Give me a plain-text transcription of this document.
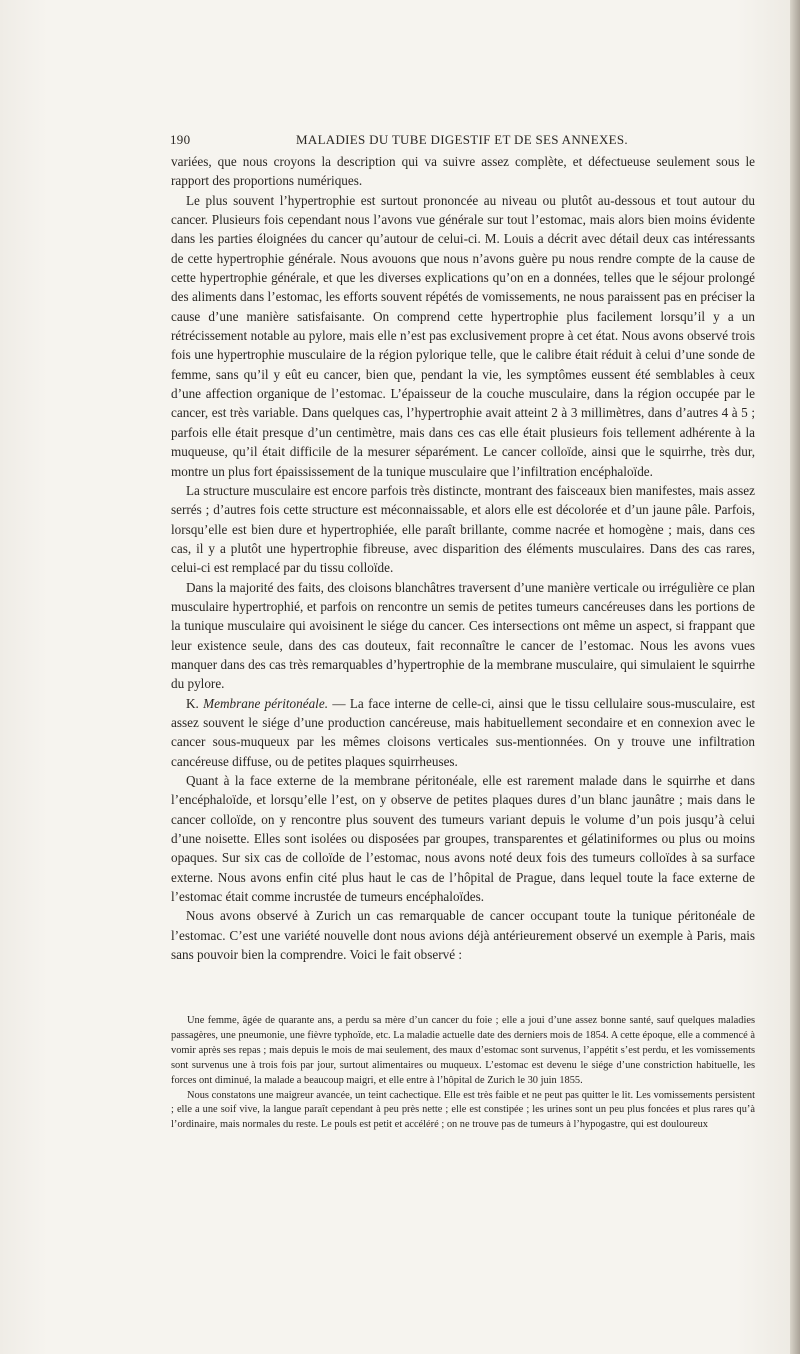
190	MALADIES DU TUBE DIGESTIF ET DE SES ANNEXES.

variées, que nous croyons la description qui va suivre assez complète, et défectueuse seulement sous le rapport des proportions numériques.

Le plus souvent l’hypertrophie est surtout prononcée au niveau ou plutôt au-dessous et tout autour du cancer. Plusieurs fois cependant nous l’avons vue générale sur tout l’estomac, mais alors bien moins évidente dans les parties éloignées du cancer qu’autour de celui-ci. M. Louis a décrit avec détail deux cas intéressants de cette hypertrophie générale. Nous avouons que nous n’avons guère pu nous rendre compte de la cause de cette hypertrophie générale, et que les diverses explications qu’on en a données, telles que le séjour prolongé des aliments dans l’estomac, les efforts souvent répétés de vomissements, ne nous paraissent pas en préciser la cause d’une manière satisfaisante. On comprend cette hypertrophie plus facilement lorsqu’il y a un rétrécissement notable au pylore, mais elle n’est pas exclusivement propre à cet état. Nous avons observé trois fois une hypertrophie musculaire de la région pylorique telle, que le calibre était réduit à celui d’une sonde de femme, sans qu’il y eût eu cancer, bien que, pendant la vie, les symptômes eussent été semblables à ceux d’une affection organique de l’estomac. L’épaisseur de la couche musculaire, dans la région occupée par le cancer, est très variable. Dans quelques cas, l’hypertrophie avait atteint 2 à 3 millimètres, dans d’autres 4 à 5 ; parfois elle était presque d’un centimètre, mais dans ces cas elle était plusieurs fois tellement adhérente à la muqueuse, qu’il était difficile de la mesurer séparément. Le cancer colloïde, ainsi que le squirrhe, très dur, montre un plus fort épaississement de la tunique musculaire que l’infiltration encéphaloïde.

La structure musculaire est encore parfois très distincte, montrant des faisceaux bien manifestes, mais assez serrés ; d’autres fois cette structure est méconnaissable, et alors elle est décolorée et d’un jaune pâle. Parfois, lorsqu’elle est bien dure et hypertrophiée, elle paraît brillante, comme nacrée et homogène ; mais, dans ces cas, il y a plutôt une hypertrophie fibreuse, avec disparition des éléments musculaires. Dans des cas rares, celui-ci est remplacé par du tissu colloïde.

Dans la majorité des faits, des cloisons blanchâtres traversent d’une manière verticale ou irrégulière ce plan musculaire hypertrophié, et parfois on rencontre un semis de petites tumeurs cancéreuses dans les portions de la tunique musculaire qui avoisinent le siége du cancer. Ces intersections ont même un aspect, si frappant que leur existence seule, dans des cas douteux, fait reconnaître le cancer de l’estomac. Nous les avons vues manquer dans des cas très remarquables d’hypertrophie de la membrane musculaire, qui simulaient le squirrhe du pylore.

K. Membrane péritonéale. — La face interne de celle-ci, ainsi que le tissu cellulaire sous-musculaire, est assez souvent le siége d’une production cancéreuse, mais habituellement secondaire et en connexion avec le cancer sous-muqueux par les mêmes cloisons verticales sus-mentionnées. On y trouve une infiltration cancéreuse diffuse, ou de petites plaques squirrheuses.

Quant à la face externe de la membrane péritonéale, elle est rarement malade dans le squirrhe et dans l’encéphaloïde, et lorsqu’elle l’est, on y observe de petites plaques dures d’un blanc jaunâtre ; mais dans le cancer colloïde, on y rencontre plus souvent des tumeurs variant depuis le volume d’un pois jusqu’à celui d’une noisette. Elles sont isolées ou disposées par groupes, transparentes et gélatiniformes ou plus ou moins opaques. Sur six cas de colloïde de l’estomac, nous avons noté deux fois des tumeurs colloïdes à sa surface externe. Nous avons enfin cité plus haut le cas de l’hôpital de Prague, dans lequel toute la face externe de l’estomac était comme incrustée de tumeurs encéphaloïdes.

Nous avons observé à Zurich un cas remarquable de cancer occupant toute la tunique péritonéale de l’estomac. C’est une variété nouvelle dont nous avions déjà antérieurement observé un exemple à Paris, mais sans pouvoir bien la comprendre. Voici le fait observé :

Une femme, âgée de quarante ans, a perdu sa mère d’un cancer du foie ; elle a joui d’une assez bonne santé, sauf quelques maladies passagères, une pneumonie, une fièvre typhoïde, etc. La maladie actuelle date des derniers mois de 1854. A cette époque, elle a commencé à vomir après ses repas ; mais depuis le mois de mai seulement, des maux d’estomac sont survenus, l’appétit s’est perdu, et les vomissements sont survenus une à trois fois par jour, surtout alimentaires ou muqueux. L’estomac est devenu le siége d’une constriction habituelle, les forces ont diminué, la malade a beaucoup maigri, et elle entre à l’hôpital de Zurich le 30 juin 1855.

Nous constatons une maigreur avancée, un teint cachectique. Elle est très faible et ne peut pas quitter le lit. Les vomissements persistent ; elle a une soif vive, la langue paraît cependant à peu près nette ; elle est constipée ; les urines sont un peu plus foncées et plus rares qu’à l’ordinaire, mais normales du reste. Le pouls est petit et accéléré ; on ne trouve pas de tumeurs à l’hypogastre, qui est douloureux
